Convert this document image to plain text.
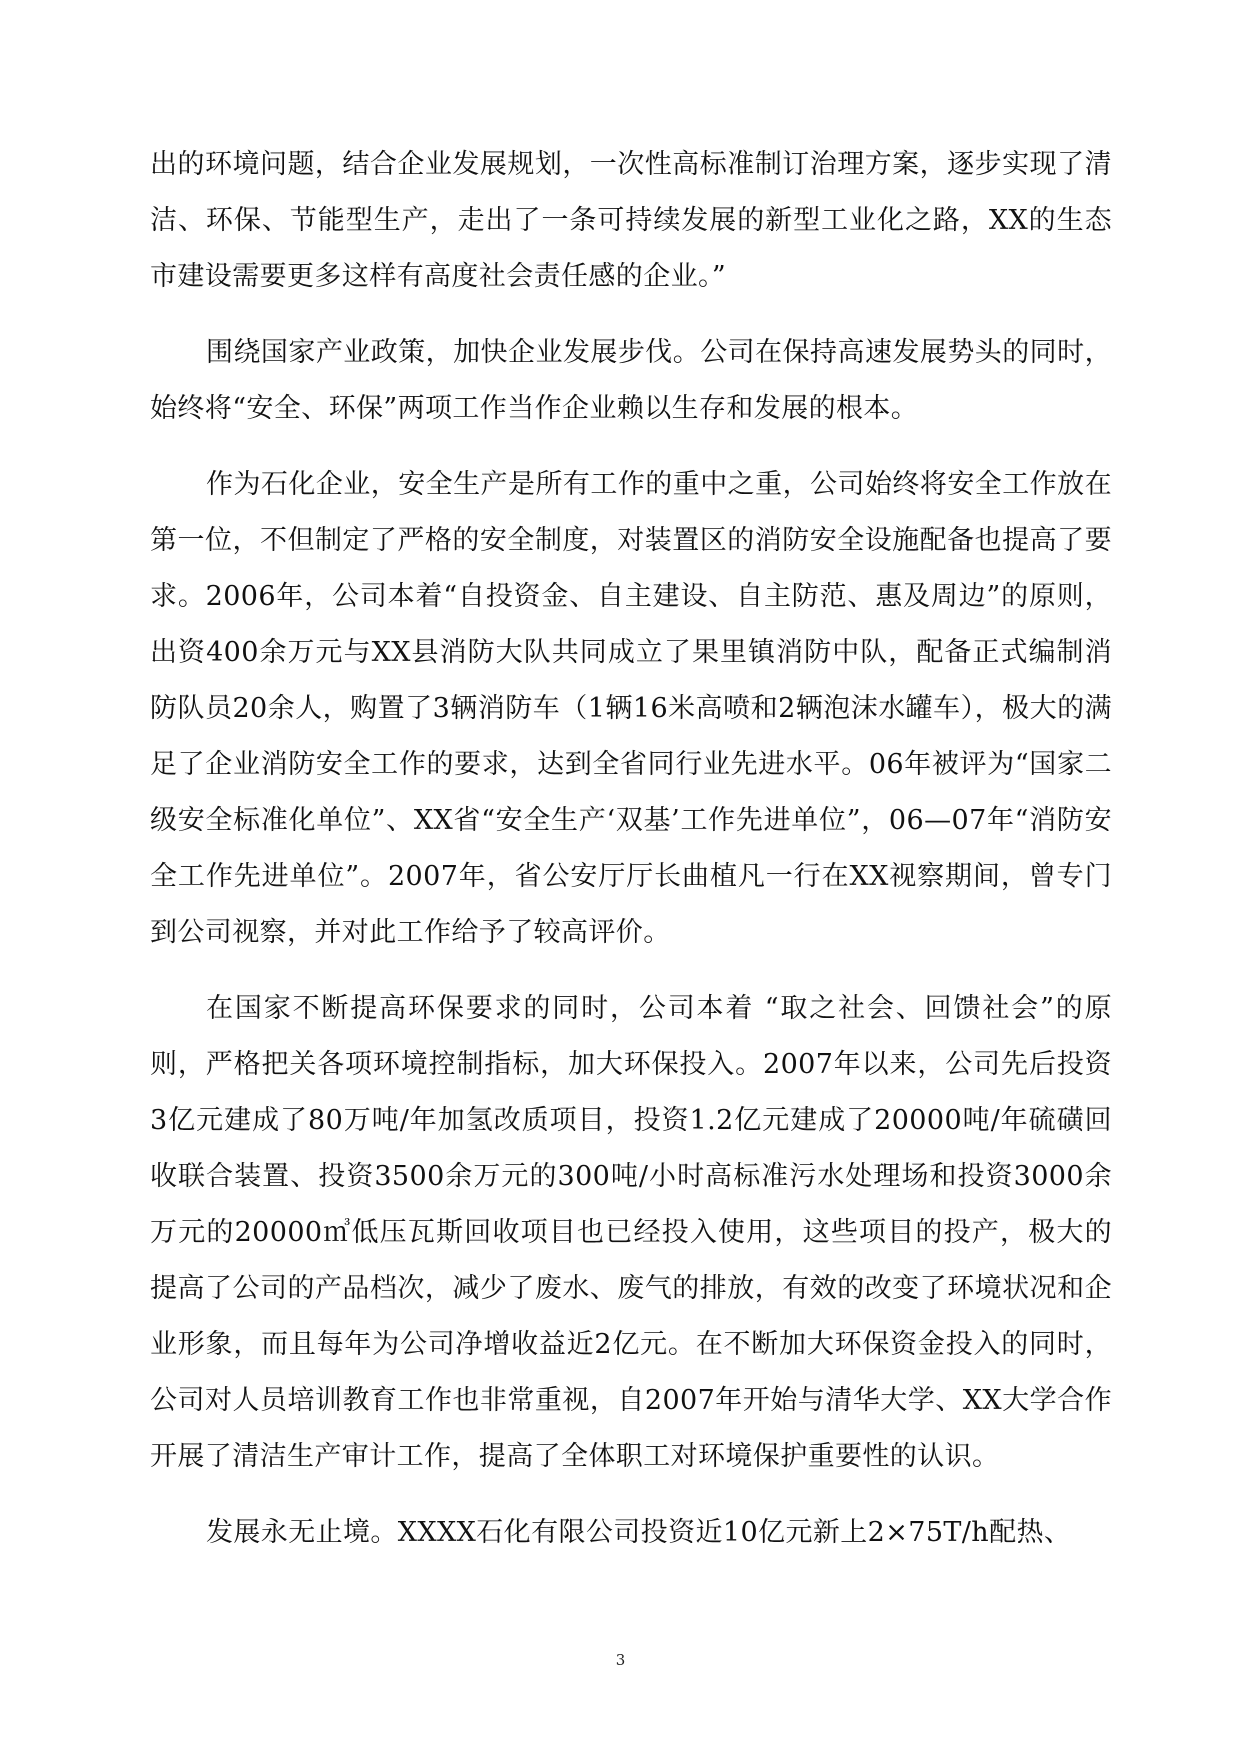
出的环境问题，结合企业发展规划，一次性高标准制订治理方案，逐步实现了清洁、环保、节能型生产，走出了一条可持续发展的新型工业化之路，XX的生态市建设需要更多这样有高度社会责任感的企业。”

围绕国家产业政策，加快企业发展步伐。公司在保持高速发展势头的同时，始终将“安全、环保”两项工作当作企业赖以生存和发展的根本。

作为石化企业，安全生产是所有工作的重中之重，公司始终将安全工作放在第一位，不但制定了严格的安全制度，对装置区的消防安全设施配备也提高了要求。2006年，公司本着“自投资金、自主建设、自主防范、惠及周边”的原则，出资400余万元与XX县消防大队共同成立了果里镇消防中队，配备正式编制消防队员20余人，购置了3辆消防车（1辆16米高喷和2辆泡沫水罐车），极大的满足了企业消防安全工作的要求，达到全省同行业先进水平。06年被评为“国家二级安全标准化单位”、XX省“安全生产‘双基’工作先进单位”，06—07年“消防安全工作先进单位”。2007年，省公安厅厅长曲植凡一行在XX视察期间，曾专门到公司视察，并对此工作给予了较高评价。

在国家不断提高环保要求的同时，公司本着 “取之社会、回馈社会”的原则，严格把关各项环境控制指标，加大环保投入。2007年以来，公司先后投资3亿元建成了80万吨/年加氢改质项目，投资1.2亿元建成了20000吨/年硫磺回收联合装置、投资3500余万元的300吨/小时高标准污水处理场和投资3000余万元的20000㎥低压瓦斯回收项目也已经投入使用，这些项目的投产，极大的提高了公司的产品档次，减少了废水、废气的排放，有效的改变了环境状况和企业形象，而且每年为公司净增收益近2亿元。在不断加大环保资金投入的同时，公司对人员培训教育工作也非常重视，自2007年开始与清华大学、XX大学合作开展了清洁生产审计工作，提高了全体职工对环境保护重要性的认识。

发展永无止境。XXXX石化有限公司投资近10亿元新上2×75T/h配热、

3
